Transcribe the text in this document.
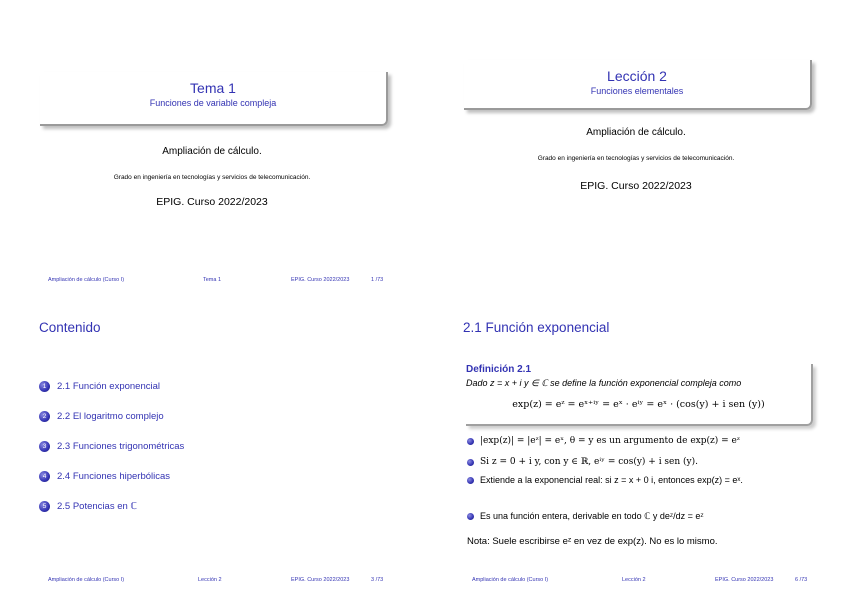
Tema 1
Funciones de variable compleja
Ampliación de cálculo.
Grado en ingeniería en tecnologías y servicios de telecomunicación.
EPIG. Curso 2022/2023
Ampliación de cálculo (Curso I)	Tema 1	EPIG. Curso 2022/2023	1 /73
Lección 2
Funciones elementales
Ampliación de cálculo.
Grado en ingeniería en tecnologías y servicios de telecomunicación.
EPIG. Curso 2022/2023
Contenido
1	2.1 Función exponencial
2	2.2 El logaritmo complejo
3	2.3 Funciones trigonométricas
4	2.4 Funciones hiperbólicas
5	2.5 Potencias en ℂ
Ampliación de cálculo (Curso I)	Lección 2	EPIG. Curso 2022/2023	3 /73
2.1 Función exponencial
Definición 2.1
Dado z = x + i y ∈ ℂ se define la función exponencial compleja como
exp(z) = eᶻ = eˣ⁺ⁱʸ = eˣ · eⁱʸ = eˣ · (cos(y) + i sen (y))
|exp(z)| = |eᶻ| = eˣ, θ = y es un argumento de exp(z) = eᶻ
Si z = 0 + i y, con y ∈ ℝ, eⁱʸ = cos(y) + i sen (y).
Extiende a la exponencial real: si z = x + 0 i, entonces exp(z) = eˣ.
Es una función entera, derivable en todo ℂ y deᶻ/dz = eᶻ
Nota: Suele escribirse eᶻ en vez de exp(z). No es lo mismo.
Ampliación de cálculo (Curso I)	Lección 2	EPIG. Curso 2022/2023	6 /73
